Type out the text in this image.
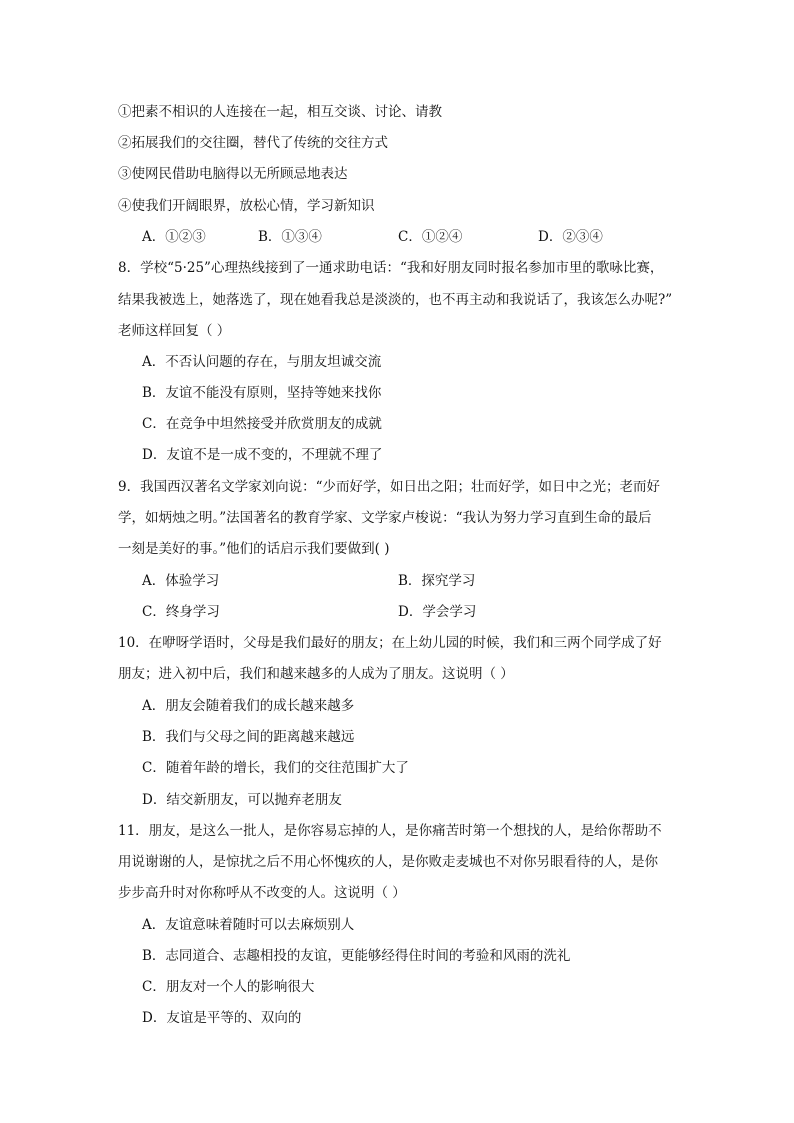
①把素不相识的人连接在一起，相互交谈、讨论、请教
②拓展我们的交往圈，替代了传统的交往方式
③使网民借助电脑得以无所顾忌地表达
④使我们开阔眼界，放松心情，学习新知识
A．①②③	B．①③④	C．①②④	D．②③④
8．学校“5·25”心理热线接到了一通求助电话：“我和好朋友同时报名参加市里的歌咏比赛，
结果我被选上，她落选了，现在她看我总是淡淡的，也不再主动和我说话了，我该怎么办呢?”
老师这样回复（ ）
A．不否认问题的存在，与朋友坦诚交流
B．友谊不能没有原则，坚持等她来找你
C．在竞争中坦然接受并欣赏朋友的成就
D．友谊不是一成不变的，不理就不理了
9．我国西汉著名文学家刘向说：“少而好学，如日出之阳；壮而好学，如日中之光；老而好
学，如炳烛之明。”法国著名的教育学家、文学家卢梭说：“我认为努力学习直到生命的最后
一刻是美好的事。”他们的话启示我们要做到( )
A．体验学习	B．探究学习
C．终身学习	D．学会学习
10．在咿呀学语时，父母是我们最好的朋友；在上幼儿园的时候，我们和三两个同学成了好
朋友；进入初中后，我们和越来越多的人成为了朋友。这说明（ ）
A．朋友会随着我们的成长越来越多
B．我们与父母之间的距离越来越远
C．随着年龄的增长，我们的交往范围扩大了
D．结交新朋友，可以抛弃老朋友
11．朋友，是这么一批人，是你容易忘掉的人，是你痛苦时第一个想找的人，是给你帮助不
用说谢谢的人，是惊扰之后不用心怀愧疚的人，是你败走麦城也不对你另眼看待的人，是你
步步高升时对你称呼从不改变的人。这说明（ ）
A．友谊意味着随时可以去麻烦别人
B．志同道合、志趣相投的友谊，更能够经得住时间的考验和风雨的洗礼
C．朋友对一个人的影响很大
D．友谊是平等的、双向的
